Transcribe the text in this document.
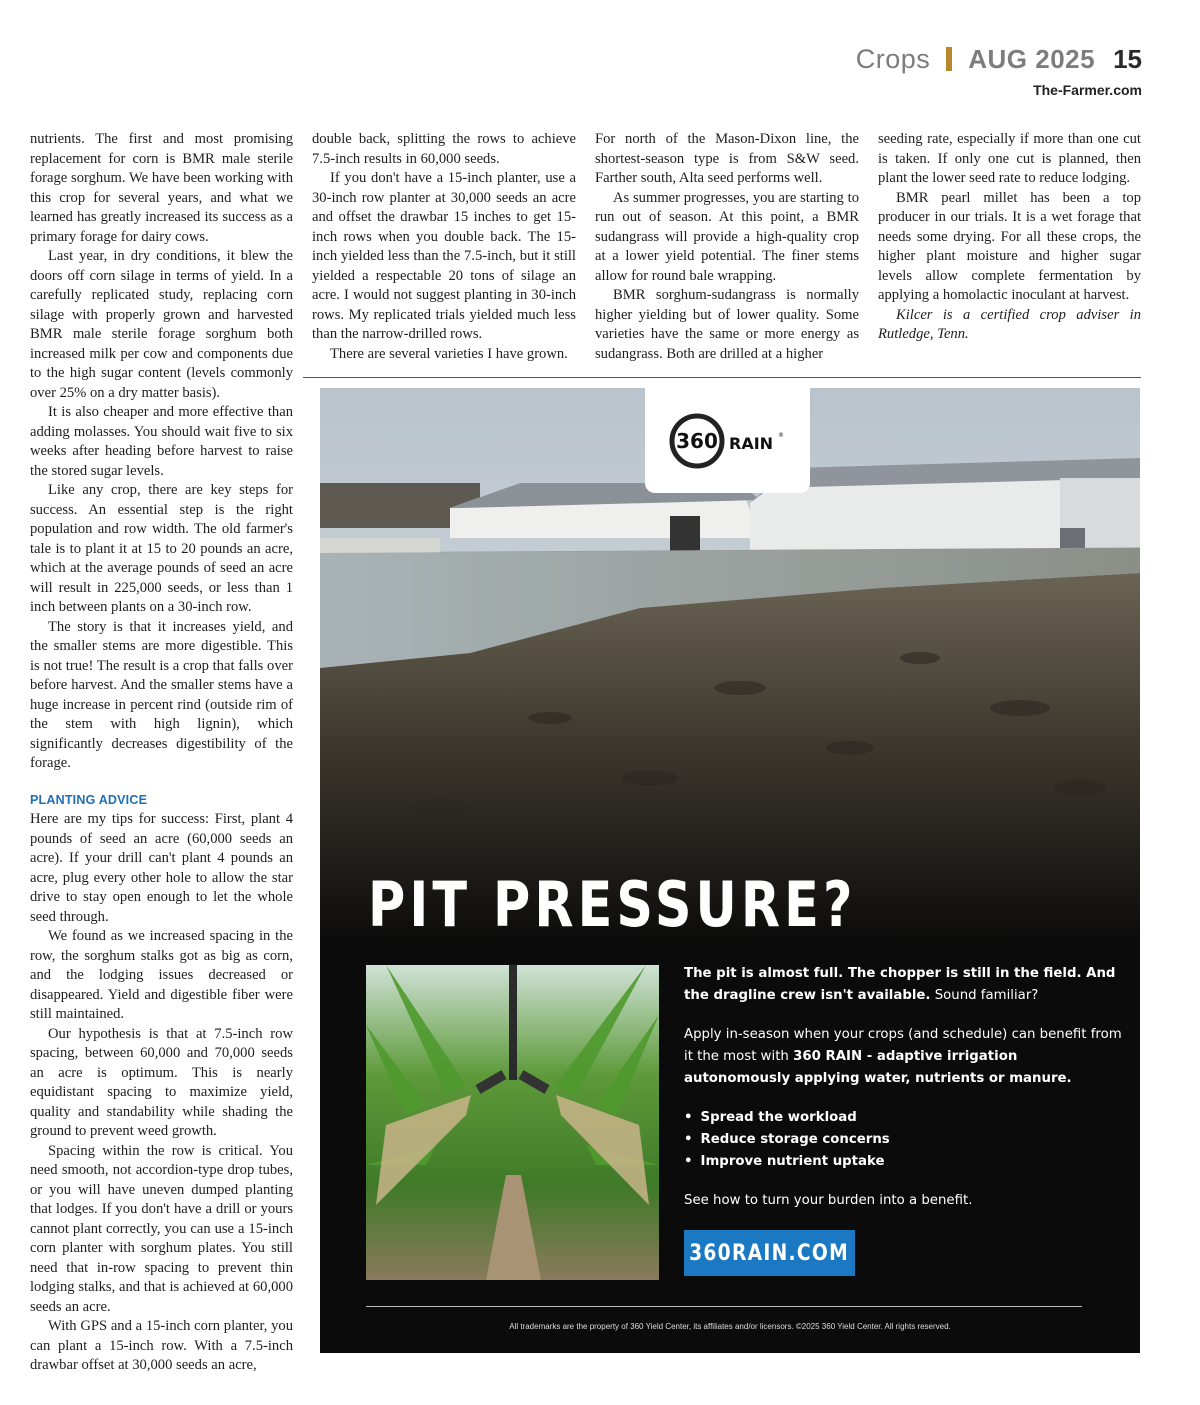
Crops AUG 2025 15
The-Farmer.com

nutrients. The first and most promising replacement for corn is BMR male sterile forage sorghum. We have been working with this crop for several years, and what we learned has greatly increased its success as a primary forage for dairy cows.

Last year, in dry conditions, it blew the doors off corn silage in terms of yield. In a carefully replicated study, replacing corn silage with properly grown and harvested BMR male sterile forage sorghum both increased milk per cow and components due to the high sugar content (levels commonly over 25% on a dry matter basis).

It is also cheaper and more effective than adding molasses. You should wait five to six weeks after heading before harvest to raise the stored sugar levels.

Like any crop, there are key steps for success. An essential step is the right population and row width. The old farmer's tale is to plant it at 15 to 20 pounds an acre, which at the average pounds of seed an acre will result in 225,000 seeds, or less than 1 inch between plants on a 30-inch row.

The story is that it increases yield, and the smaller stems are more digestible. This is not true! The result is a crop that falls over before harvest. And the smaller stems have a huge increase in percent rind (outside rim of the stem with high lignin), which significantly decreases digestibility of the forage.

PLANTING ADVICE

Here are my tips for success: First, plant 4 pounds of seed an acre (60,000 seeds an acre). If your drill can't plant 4 pounds an acre, plug every other hole to allow the star drive to stay open enough to let the whole seed through.

We found as we increased spacing in the row, the sorghum stalks got as big as corn, and the lodging issues decreased or disappeared. Yield and digestible fiber were still maintained.

Our hypothesis is that at 7.5-inch row spacing, between 60,000 and 70,000 seeds an acre is optimum. This is nearly equidistant spacing to maximize yield, quality and standability while shading the ground to prevent weed growth.

Spacing within the row is critical. You need smooth, not accordion-type drop tubes, or you will have uneven dumped planting that lodges. If you don't have a drill or yours cannot plant correctly, you can use a 15-inch corn planter with sorghum plates. You still need that in-row spacing to prevent thin lodging stalks, and that is achieved at 60,000 seeds an acre.

With GPS and a 15-inch corn planter, you can plant a 15-inch row. With a 7.5-inch drawbar offset at 30,000 seeds an acre,

double back, splitting the rows to achieve 7.5-inch results in 60,000 seeds.

If you don't have a 15-inch planter, use a 30-inch row planter at 30,000 seeds an acre and offset the drawbar 15 inches to get 15-inch rows when you double back. The 15-inch yielded less than the 7.5-inch, but it still yielded a respectable 20 tons of silage an acre. I would not suggest planting in 30-inch rows. My replicated trials yielded much less than the narrow-drilled rows.

There are several varieties I have grown.

For north of the Mason-Dixon line, the shortest-season type is from S&W seed. Farther south, Alta seed performs well.

As summer progresses, you are starting to run out of season. At this point, a BMR sudangrass will provide a high-quality crop at a lower yield potential. The finer stems allow for round bale wrapping.

BMR sorghum-sudangrass is normally higher yielding but of lower quality. Some varieties have the same or more energy as sudangrass. Both are drilled at a higher

seeding rate, especially if more than one cut is taken. If only one cut is planned, then plant the lower seed rate to reduce lodging.

BMR pearl millet has been a top producer in our trials. It is a wet forage that needs some drying. For all these crops, the higher plant moisture and higher sugar levels allow complete fermentation by applying a homolactic inoculant at harvest.

Kilcer is a certified crop adviser in Rutledge, Tenn.

360 RAIN ®
PIT PRESSURE?

The pit is almost full. The chopper is still in the field. And the dragline crew isn't available. Sound familiar?

Apply in-season when your crops (and schedule) can benefit from it the most with 360 RAIN - adaptive irrigation autonomously applying water, nutrients or manure.

• Spread the workload
• Reduce storage concerns
• Improve nutrient uptake

See how to turn your burden into a benefit.

360RAIN.COM
All trademarks are the property of 360 Yield Center, its affiliates and/or licensors. ©2025 360 Yield Center. All rights reserved.
